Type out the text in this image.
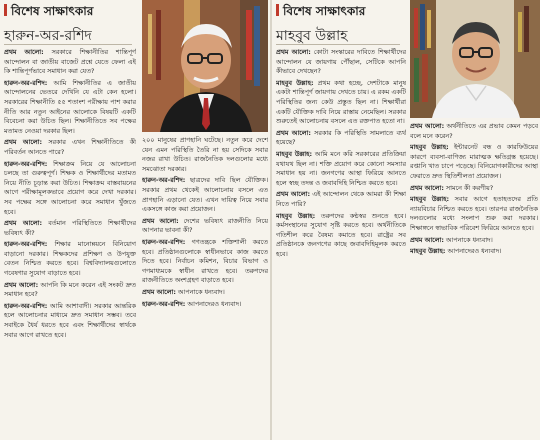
বিশেষ সাক্ষাৎকার
হারুন-অর-রশিদ

প্রথম আলো: সরকারে শিক্ষানীতির শান্তিপূর্ণ আন্দোলন বা জাতীয় বাজেট প্রশ্নে যেতে ফেলা এই কি শান্তিপূর্ণভাবে সমাধান করা যেত?

হারুন-অর-রশিদ: আমি শিক্ষানীতির এ জাতীয় আন্দোলনের ভেতরে দেখিনি যে এটা কেন হলো। সরকারের শিক্ষানীতি ৫৫ শতাংশ পরীক্ষায় পাশ করার নীতি আর নতুন আইনের আলোকে বিষয়টি একটি বিবেচনা করা উচিত ছিল। শিক্ষানীতিতে সব পক্ষের মতামত নেওয়া দরকার ছিল।

প্রথম আলো: সরকার এখন শিক্ষানীতিতে কী পরিবর্তন আনতে পারে?

হারুন-অর-রশিদ: শিক্ষাক্রম নিয়ে যে আলোচনা চলছে তা গুরুত্বপূর্ণ। শিক্ষক ও শিক্ষার্থীদের মতামত নিয়ে নীতি চূড়ান্ত করা উচিত। শিক্ষাক্রম বাস্তবায়নের আগে পরীক্ষামূলকভাবে প্রয়োগ করে দেখা দরকার। সব পক্ষের সঙ্গে আলোচনা করে সমাধান খুঁজতে হবে।

প্রথম আলো: বর্তমান পরিস্থিতিতে শিক্ষার্থীদের ভবিষ্যৎ কী?

হারুন-অর-রশিদ: শিক্ষার মানোন্নয়নে বিনিয়োগ বাড়ানো দরকার। শিক্ষকদের প্রশিক্ষণ ও উপযুক্ত বেতন নিশ্চিত করতে হবে। বিশ্ববিদ্যালয়গুলোতে গবেষণার সুযোগ বাড়াতে হবে।

প্রথম আলো: আপনি কি মনে করেন এই সংকট দ্রুত সমাধান হবে?

হারুন-অর-রশিদ: আমি আশাবাদী। সরকার আন্তরিক হলে আলোচনার মাধ্যমে দ্রুত সমাধান সম্ভব। তবে সবাইকে ধৈর্য ধরতে হবে এবং শিক্ষার্থীদের স্বার্থকে সবার আগে রাখতে হবে।

২০০ মানুষের প্রাণহানি ঘটেছে। নতুন করে দেশে যেন এমন পরিস্থিতি তৈরি না হয় সেদিকে সবার নজর রাখা উচিত। রাজনৈতিক দলগুলোর মধ্যে সমঝোতা দরকার।

হারুন-অর-রশিদ: ছাত্রদের দাবি ছিল যৌক্তিক। সরকার প্রথম থেকেই আলোচনায় বসলে এত প্রাণহানি এড়ানো যেত। এখন দায়িত্ব নিয়ে সবার একসঙ্গে কাজ করা প্রয়োজন।

প্রথম আলো: দেশের ভবিষ্যৎ রাজনীতি নিয়ে আপনার ভাবনা কী?

হারুন-অর-রশিদ: গণতন্ত্রকে শক্তিশালী করতে হবে। প্রতিষ্ঠানগুলোকে স্বাধীনভাবে কাজ করতে দিতে হবে। নির্বাচন কমিশন, বিচার বিভাগ ও গণমাধ্যমকে স্বাধীন রাখতে হবে। তরুণদের রাজনীতিতে অংশগ্রহণ বাড়াতে হবে।

প্রথম আলো: আপনাকে ধন্যবাদ।

হারুন-অর-রশিদ: আপনাদেরও ধন্যবাদ।

বিশেষ সাক্ষাৎকার
মাহবুব উল্লাহ

প্রথম আলো: কোটা সংস্কারের দাবিতে শিক্ষার্থীদের আন্দোলন যে জায়গায় পৌঁছাল, সেটিকে আপনি কীভাবে দেখছেন?

মাহবুব উল্লাহ: প্রথম কথা হচ্ছে, দেশটাকে মানুষ একটা শান্তিপূর্ণ জায়গায় দেখতে চায়। এ রকম একটি পরিস্থিতির জন্য কেউ প্রস্তুত ছিল না। শিক্ষার্থীরা একটি যৌক্তিক দাবি নিয়ে রাস্তায় নেমেছিল। সরকার শুরুতেই আলোচনায় বসলে এত রক্তপাত হতো না।

প্রথম আলো: সরকার কি পরিস্থিতি সামলাতে ব্যর্থ হয়েছে?

মাহবুব উল্লাহ: আমি মনে করি সরকারের প্রতিক্রিয়া যথাযথ ছিল না। শক্তি প্রয়োগ করে কোনো সমস্যার সমাধান হয় না। জনগণের আস্থা ফিরিয়ে আনতে হলে স্বচ্ছ তদন্ত ও জবাবদিহি নিশ্চিত করতে হবে।

প্রথম আলো: এই আন্দোলন থেকে আমরা কী শিক্ষা নিতে পারি?

মাহবুব উল্লাহ: তরুণদের কণ্ঠস্বর শুনতে হবে। কর্মসংস্থানের সুযোগ সৃষ্টি করতে হবে। অর্থনীতিকে গতিশীল করে বৈষম্য কমাতে হবে। রাষ্ট্রের সব প্রতিষ্ঠানকে জনগণের কাছে জবাবদিহিমূলক করতে হবে।

প্রথম আলো: অর্থনীতিতে এর প্রভাব কেমন পড়বে বলে মনে করেন?

মাহবুব উল্লাহ: ইন্টারনেট বন্ধ ও কারফিউয়ের কারণে ব্যবসা-বাণিজ্য মারাত্মক ক্ষতিগ্রস্ত হয়েছে। রপ্তানি খাত চাপে পড়েছে। বিনিয়োগকারীদের আস্থা ফেরাতে দ্রুত স্থিতিশীলতা প্রয়োজন।

প্রথম আলো: সামনে কী করণীয়?

মাহবুব উল্লাহ: সবার আগে হতাহতদের প্রতি ন্যায়বিচার নিশ্চিত করতে হবে। তারপর রাজনৈতিক দলগুলোর মধ্যে সংলাপ শুরু করা দরকার। শিক্ষাঙ্গনে স্বাভাবিক পরিবেশ ফিরিয়ে আনতে হবে।

প্রথম আলো: আপনাকে ধন্যবাদ।

মাহবুব উল্লাহ: আপনাদেরও ধন্যবাদ।
